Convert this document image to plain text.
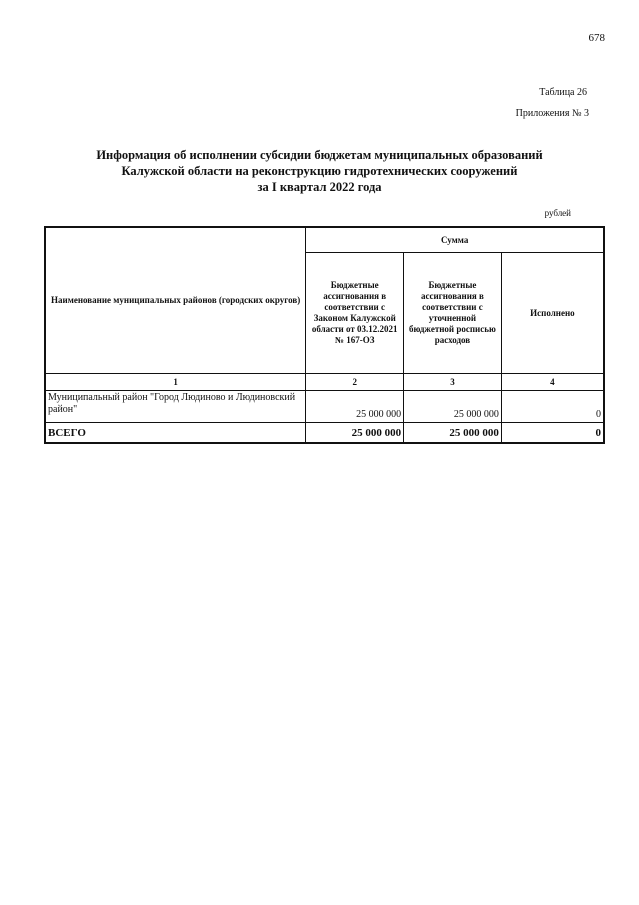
678
Таблица 26
Приложения № 3
Информация об исполнении субсидии бюджетам муниципальных образований
Калужской области на реконструкцию гидротехнических сооружений
за I квартал 2022 года
рублей
Наименование муниципальных районов (городских округов)	Сумма		
	Бюджетные ассигнования в соответствии с Законом Калужской области от 03.12.2021 № 167-ОЗ	Бюджетные ассигнования в соответствии с уточненной бюджетной росписью расходов	Исполнено
1	2	3	4
Муниципальный район "Город Людиново и Людиновский район"	25 000 000	25 000 000	0
ВСЕГО	25 000 000	25 000 000	0
